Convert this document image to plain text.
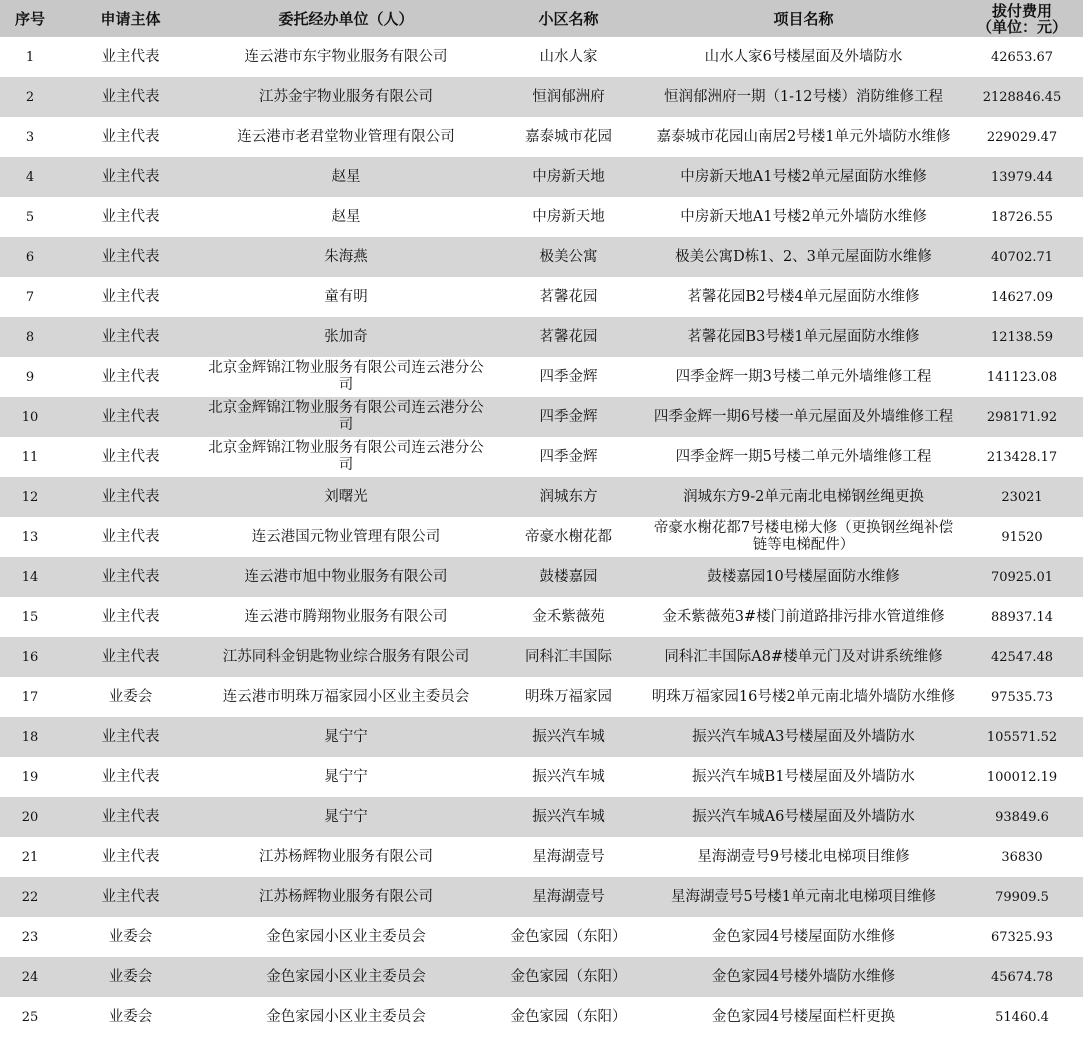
序号	申请主体	委托经办单位（人）	小区名称	项目名称	拔付费用
（单位：元）
1	业主代表	连云港市东宇物业服务有限公司	山水人家	山水人家6号楼屋面及外墙防水	42653.67
2	业主代表	江苏金宇物业服务有限公司	恒润郁洲府	恒润郁洲府一期（1-12号楼）消防维修工程	2128846.45
3	业主代表	连云港市老君堂物业管理有限公司	嘉泰城市花园	嘉泰城市花园山南居2号楼1单元外墙防水维修	229029.47
4	业主代表	赵星	中房新天地	中房新天地A1号楼2单元屋面防水维修	13979.44
5	业主代表	赵星	中房新天地	中房新天地A1号楼2单元外墙防水维修	18726.55
6	业主代表	朱海燕	极美公寓	极美公寓D栋1、2、3单元屋面防水维修	40702.71
7	业主代表	童有明	茗馨花园	茗馨花园B2号楼4单元屋面防水维修	14627.09
8	业主代表	张加奇	茗馨花园	茗馨花园B3号楼1单元屋面防水维修	12138.59
9	业主代表	北京金辉锦江物业服务有限公司连云港分公司	四季金辉	四季金辉一期3号楼二单元外墙维修工程	141123.08
10	业主代表	北京金辉锦江物业服务有限公司连云港分公司	四季金辉	四季金辉一期6号楼一单元屋面及外墙维修工程	298171.92
11	业主代表	北京金辉锦江物业服务有限公司连云港分公司	四季金辉	四季金辉一期5号楼二单元外墙维修工程	213428.17
12	业主代表	刘曙光	润城东方	润城东方9-2单元南北电梯钢丝绳更换	23021
13	业主代表	连云港国元物业管理有限公司	帝豪水榭花都	帝豪水榭花都7号楼电梯大修（更换钢丝绳补偿链等电梯配件）	91520
14	业主代表	连云港市旭中物业服务有限公司	鼓楼嘉园	鼓楼嘉园10号楼屋面防水维修	70925.01
15	业主代表	连云港市腾翔物业服务有限公司	金禾紫薇苑	金禾紫薇苑3#楼门前道路排污排水管道维修	88937.14
16	业主代表	江苏同科金钥匙物业综合服务有限公司	同科汇丰国际	同科汇丰国际A8#楼单元门及对讲系统维修	42547.48
17	业委会	连云港市明珠万福家园小区业主委员会	明珠万福家园	明珠万福家园16号楼2单元南北墙外墙防水维修	97535.73
18	业主代表	晁宁宁	振兴汽车城	振兴汽车城A3号楼屋面及外墙防水	105571.52
19	业主代表	晁宁宁	振兴汽车城	振兴汽车城B1号楼屋面及外墙防水	100012.19
20	业主代表	晁宁宁	振兴汽车城	振兴汽车城A6号楼屋面及外墙防水	93849.6
21	业主代表	江苏杨辉物业服务有限公司	星海湖壹号	星海湖壹号9号楼北电梯项目维修	36830
22	业主代表	江苏杨辉物业服务有限公司	星海湖壹号	星海湖壹号5号楼1单元南北电梯项目维修	79909.5
23	业委会	金色家园小区业主委员会	金色家园（东阳）	金色家园4号楼屋面防水维修	67325.93
24	业委会	金色家园小区业主委员会	金色家园（东阳）	金色家园4号楼外墙防水维修	45674.78
25	业委会	金色家园小区业主委员会	金色家园（东阳）	金色家园4号楼屋面栏杆更换	51460.4
